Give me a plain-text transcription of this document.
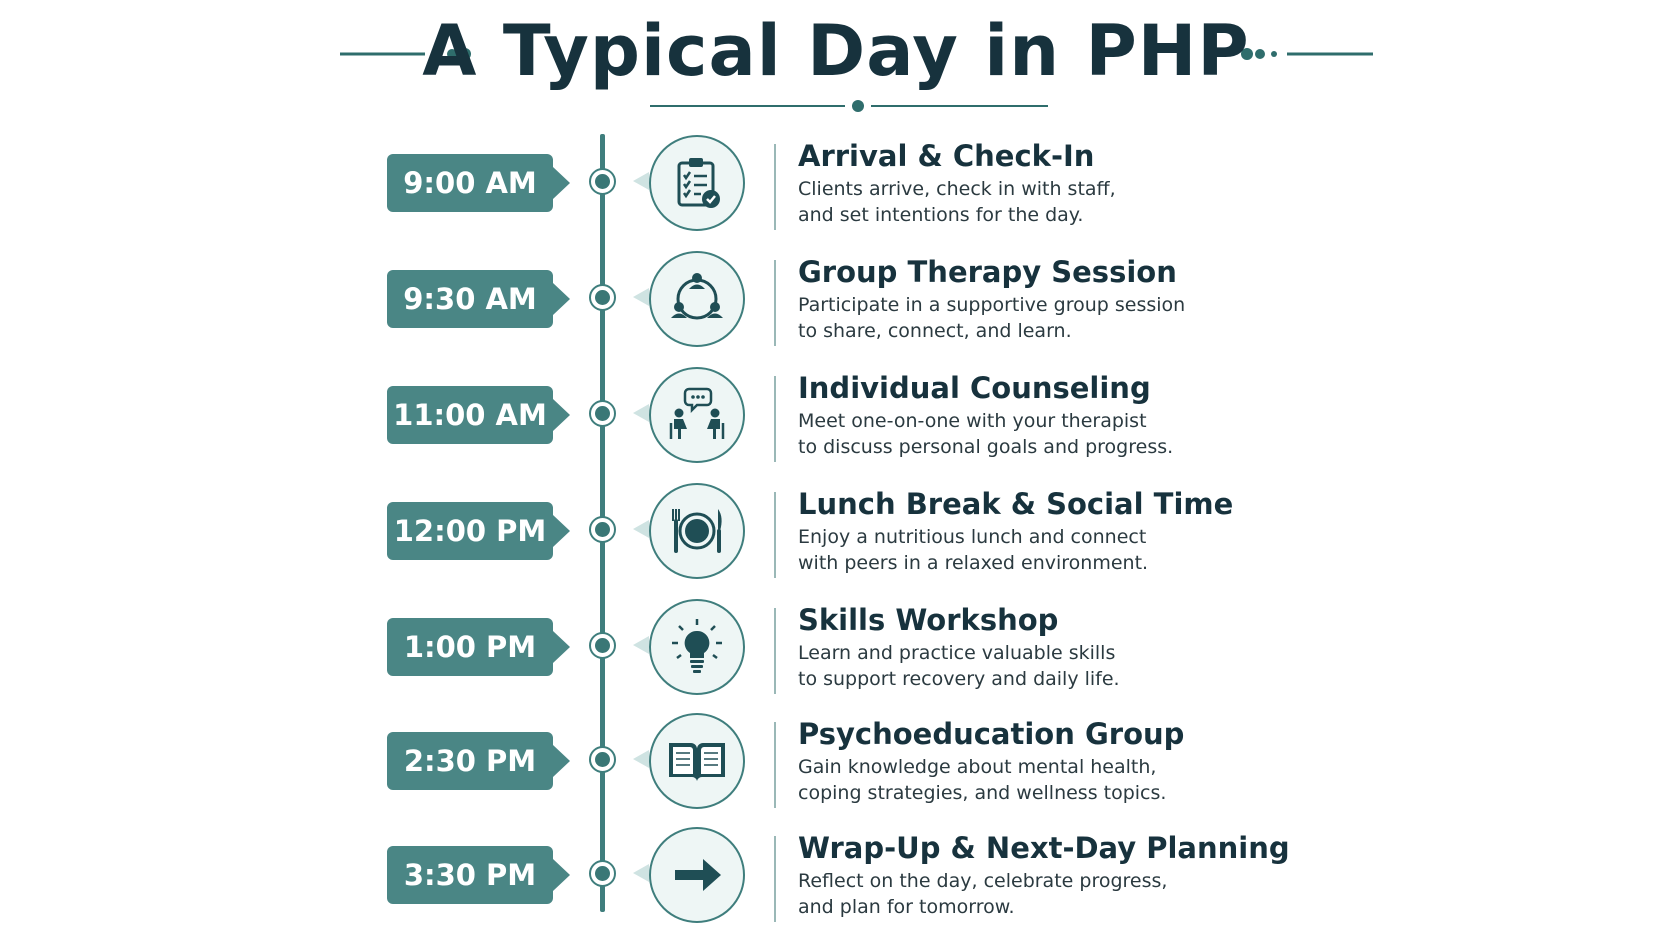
A Typical Day in PHP
9:00 AM
Arrival & Check-In
Clients arrive, check in with staff,
and set intentions for the day.
9:30 AM
Group Therapy Session
Participate in a supportive group session
to share, connect, and learn.
11:00 AM
Individual Counseling
Meet one-on-one with your therapist
to discuss personal goals and progress.
12:00 PM
Lunch Break & Social Time
Enjoy a nutritious lunch and connect
with peers in a relaxed environment.
1:00 PM
Skills Workshop
Learn and practice valuable skills
to support recovery and daily life.
2:30 PM
Psychoeducation Group
Gain knowledge about mental health,
coping strategies, and wellness topics.
3:30 PM
Wrap-Up & Next-Day Planning
Reflect on the day, celebrate progress,
and plan for tomorrow.
